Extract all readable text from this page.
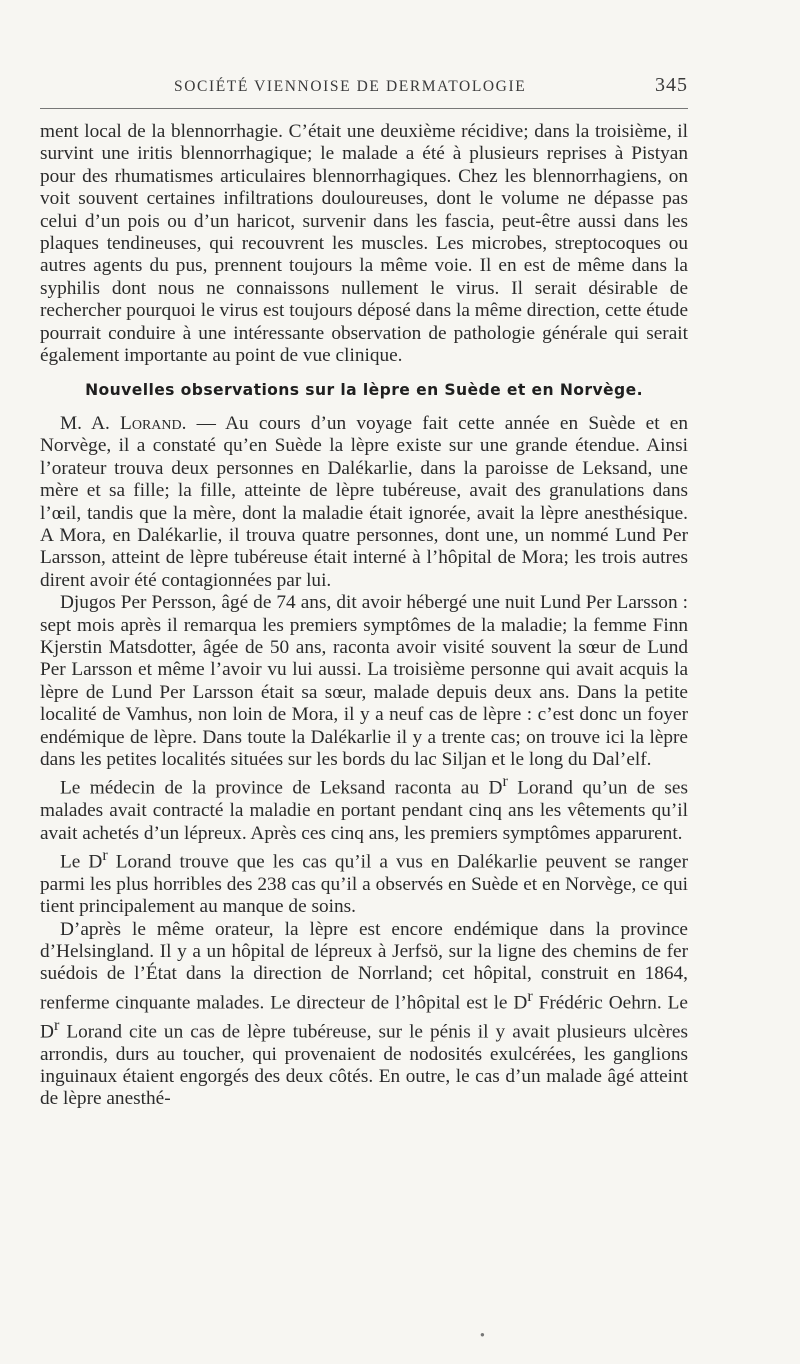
SOCIÉTÉ VIENNOISE DE DERMATOLOGIE	345

ment local de la blennorrhagie. C’était une deuxième récidive; dans la troisième, il survint une iritis blennorrhagique; le malade a été à plusieurs reprises à Pistyan pour des rhumatismes articulaires blennorrhagiques. Chez les blennorrhagiens, on voit souvent certaines infiltrations douloureuses, dont le volume ne dépasse pas celui d’un pois ou d’un haricot, survenir dans les fascia, peut-être aussi dans les plaques tendineuses, qui recouvrent les muscles. Les microbes, streptocoques ou autres agents du pus, prennent toujours la même voie. Il en est de même dans la syphilis dont nous ne connaissons nullement le virus. Il serait désirable de rechercher pourquoi le virus est toujours déposé dans la même direction, cette étude pourrait conduire à une intéressante observation de pathologie générale qui serait également importante au point de vue clinique.

Nouvelles observations sur la lèpre en Suède et en Norvège.

M. A. Lorand. — Au cours d’un voyage fait cette année en Suède et en Norvège, il a constaté qu’en Suède la lèpre existe sur une grande étendue. Ainsi l’orateur trouva deux personnes en Dalékarlie, dans la paroisse de Leksand, une mère et sa fille; la fille, atteinte de lèpre tubéreuse, avait des granulations dans l’œil, tandis que la mère, dont la maladie était ignorée, avait la lèpre anesthésique. A Mora, en Dalékarlie, il trouva quatre personnes, dont une, un nommé Lund Per Larsson, atteint de lèpre tubéreuse était interné à l’hôpital de Mora; les trois autres dirent avoir été contagionnées par lui.

Djugos Per Persson, âgé de 74 ans, dit avoir hébergé une nuit Lund Per Larsson : sept mois après il remarqua les premiers symptômes de la maladie; la femme Finn Kjerstin Matsdotter, âgée de 50 ans, raconta avoir visité souvent la sœur de Lund Per Larsson et même l’avoir vu lui aussi. La troisième personne qui avait acquis la lèpre de Lund Per Larsson était sa sœur, malade depuis deux ans. Dans la petite localité de Vamhus, non loin de Mora, il y a neuf cas de lèpre : c’est donc un foyer endémique de lèpre. Dans toute la Dalékarlie il y a trente cas; on trouve ici la lèpre dans les petites localités situées sur les bords du lac Siljan et le long du Dal’elf.

Le médecin de la province de Leksand raconta au $D^r$ Lorand qu’un de ses malades avait contracté la maladie en portant pendant cinq ans les vêtements qu’il avait achetés d’un lépreux. Après ces cinq ans, les premiers symptômes apparurent.

Le $D^r$ Lorand trouve que les cas qu’il a vus en Dalékarlie peuvent se ranger parmi les plus horribles des 238 cas qu’il a observés en Suède et en Norvège, ce qui tient principalement au manque de soins.

D’après le même orateur, la lèpre est encore endémique dans la province d’Helsingland. Il y a un hôpital de lépreux à Jerfsö, sur la ligne des chemins de fer suédois de l’État dans la direction de Norrland; cet hôpital, construit en 1864, renferme cinquante malades. Le directeur de l’hôpital est le $D^r$ Frédéric Oehrn. Le $D^r$ Lorand cite un cas de lèpre tubéreuse, sur le pénis il y avait plusieurs ulcères arrondis, durs au toucher, qui provenaient de nodosités exulcérées, les ganglions inguinaux étaient engorgés des deux côtés. En outre, le cas d’un malade âgé atteint de lèpre anesthé-

●
